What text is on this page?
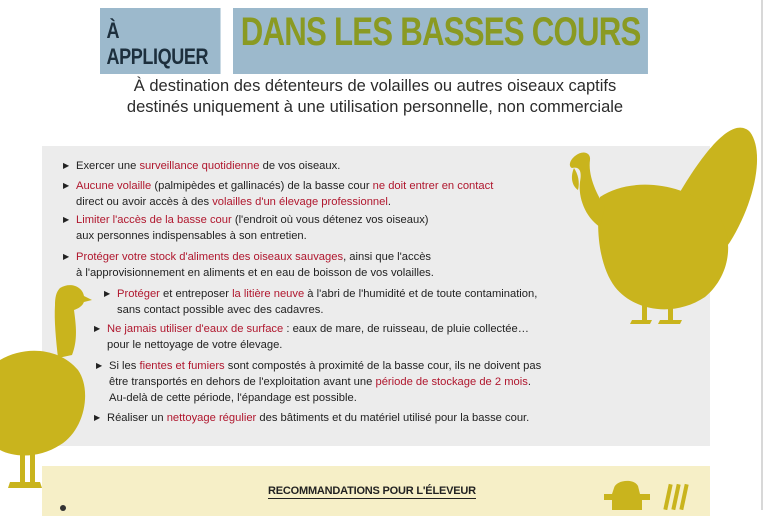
À APPLIQUER
DANS LES BASSES COURS
À destination des détenteurs de volailles ou autres oiseaux captifs
destinés uniquement à une utilisation personnelle, non commerciale
▶ Exercer une surveillance quotidienne de vos oiseaux.
▶ Aucune volaille (palmipèdes et gallinacés) de la basse cour ne doit entrer en contact
direct ou avoir accès à des volailles d'un élevage professionnel.
▶ Limiter l'accès de la basse cour (l'endroit où vous détenez vos oiseaux)
aux personnes indispensables à son entretien.
▶ Protéger votre stock d'aliments des oiseaux sauvages, ainsi que l'accès
à l'approvisionnement en aliments et en eau de boisson de vos volailles.
▶ Protéger et entreposer la litière neuve à l'abri de l'humidité et de toute contamination,
sans contact possible avec des cadavres.
▶ Ne jamais utiliser d'eaux de surface : eaux de mare, de ruisseau, de pluie collectée…
pour le nettoyage de votre élevage.
▶ Si les fientes et fumiers sont compostés à proximité de la basse cour, ils ne doivent pas
être transportés en dehors de l'exploitation avant une période de stockage de 2 mois.
Au-delà de cette période, l'épandage est possible.
▶ Réaliser un nettoyage régulier des bâtiments et du matériel utilisé pour la basse cour.
RECOMMANDATIONS POUR L'ÉLEVEUR
